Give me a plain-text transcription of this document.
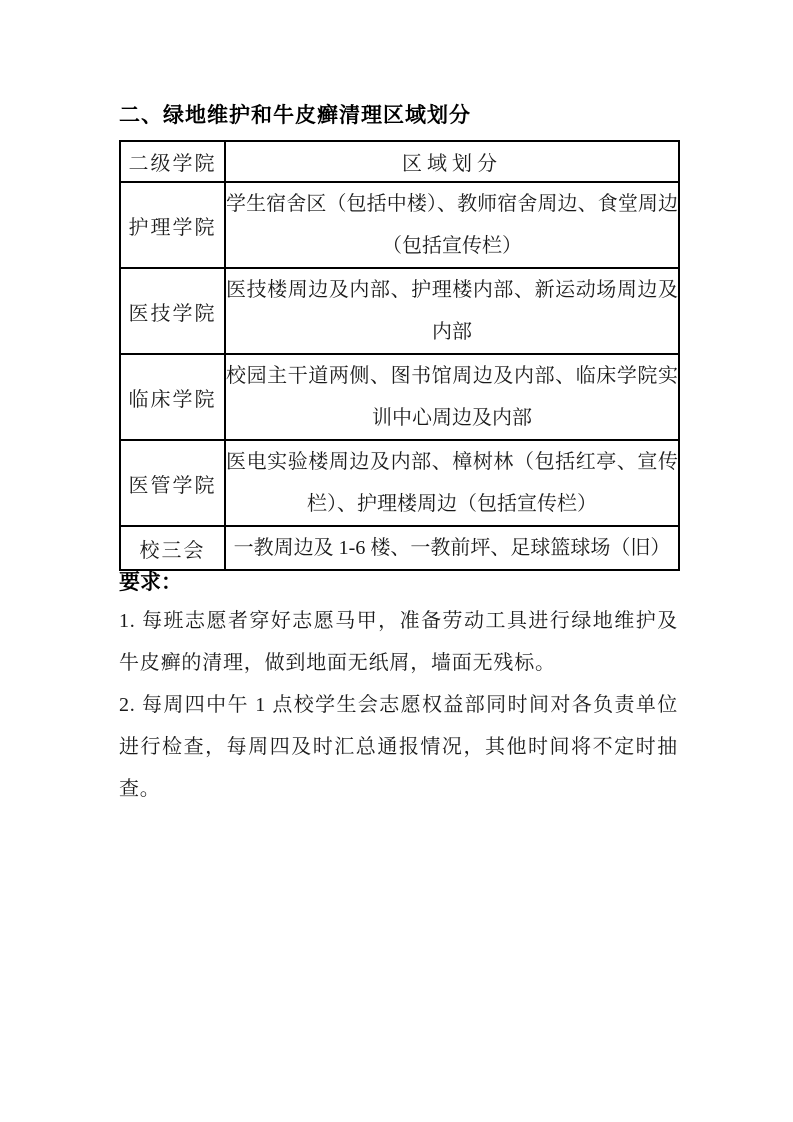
二、绿地维护和牛皮癣清理区域划分
二级学院	区域划分
护理学院	学生宿舍区（包括中楼）、教师宿舍周边、食堂周边（包括宣传栏）
医技学院	医技楼周边及内部、护理楼内部、新运动场周边及内部
临床学院	校园主干道两侧、图书馆周边及内部、临床学院实训中心周边及内部
医管学院	医电实验楼周边及内部、樟树林（包括红亭、宣传栏）、护理楼周边（包括宣传栏）
校三会	一教周边及 1-6 楼、一教前坪、足球篮球场（旧）
要求：

1. 每班志愿者穿好志愿马甲，准备劳动工具进行绿地维护及牛皮癣的清理，做到地面无纸屑，墙面无残标。

2. 每周四中午 1 点校学生会志愿权益部同时间对各负责单位进行检查，每周四及时汇总通报情况，其他时间将不定时抽查。
